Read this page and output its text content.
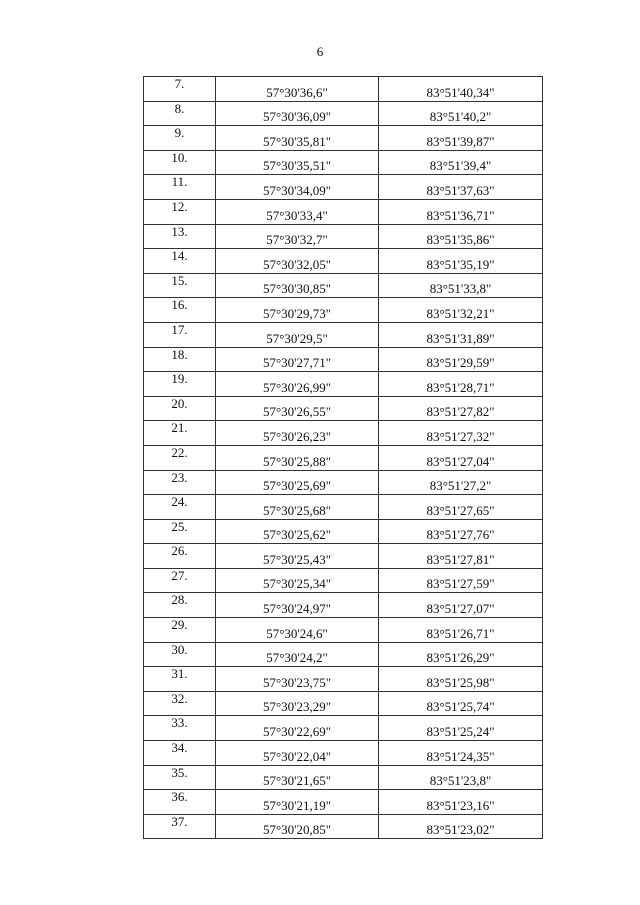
6
7.	57°30'36,6"	83°51'40,34"
8.	57°30'36,09"	83°51'40,2"
9.	57°30'35,81"	83°51'39,87"
10.	57°30'35,51"	83°51'39,4"
11.	57°30'34,09"	83°51'37,63"
12.	57°30'33,4"	83°51'36,71"
13.	57°30'32,7"	83°51'35,86"
14.	57°30'32,05"	83°51'35,19"
15.	57°30'30,85"	83°51'33,8"
16.	57°30'29,73"	83°51'32,21"
17.	57°30'29,5"	83°51'31,89"
18.	57°30'27,71"	83°51'29,59"
19.	57°30'26,99"	83°51'28,71"
20.	57°30'26,55"	83°51'27,82"
21.	57°30'26,23"	83°51'27,32"
22.	57°30'25,88"	83°51'27,04"
23.	57°30'25,69"	83°51'27,2"
24.	57°30'25,68"	83°51'27,65"
25.	57°30'25,62"	83°51'27,76"
26.	57°30'25,43"	83°51'27,81"
27.	57°30'25,34"	83°51'27,59"
28.	57°30'24,97"	83°51'27,07"
29.	57°30'24,6"	83°51'26,71"
30.	57°30'24,2"	83°51'26,29"
31.	57°30'23,75"	83°51'25,98"
32.	57°30'23,29"	83°51'25,74"
33.	57°30'22,69"	83°51'25,24"
34.	57°30'22,04"	83°51'24,35"
35.	57°30'21,65"	83°51'23,8"
36.	57°30'21,19"	83°51'23,16"
37.	57°30'20,85"	83°51'23,02"
